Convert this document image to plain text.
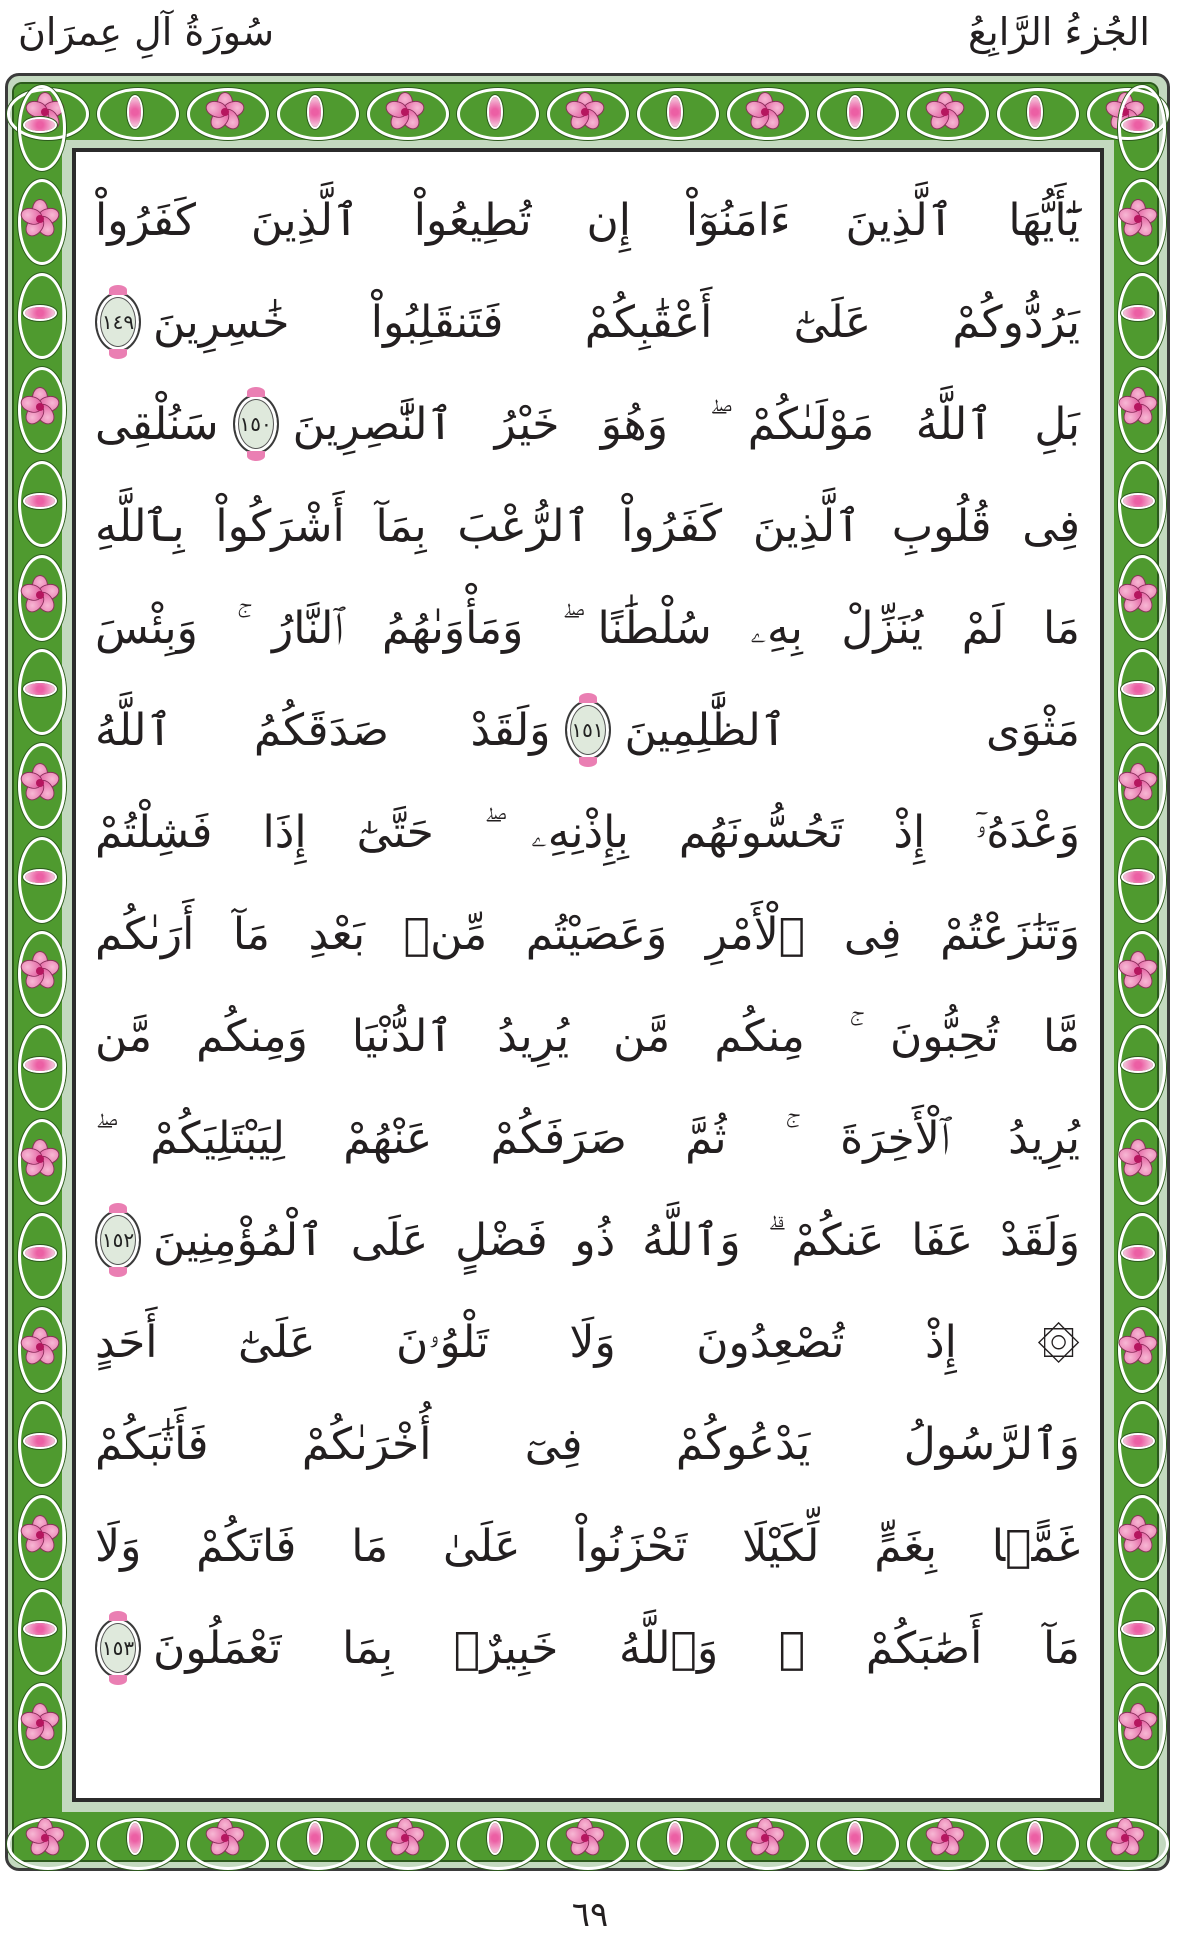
الجُزءُ الرَّابِعُ
سُورَةُ آلِ عِمرَانَ
يَٰٓأَيُّهَا ٱلَّذِينَ ءَامَنُوٓاْ إِن تُطِيعُواْ ٱلَّذِينَ كَفَرُواْ
يَرُدُّوكُمْ عَلَىٰٓ أَعْقَٰبِكُمْ فَتَنقَلِبُواْ خَٰسِرِينَ
١٤٩
بَلِ ٱللَّهُ مَوْلَىٰكُمْ ۖ وَهُوَ خَيْرُ ٱلنَّٰصِرِينَ
١٥٠
سَنُلْقِى
فِى قُلُوبِ ٱلَّذِينَ كَفَرُواْ ٱلرُّعْبَ بِمَآ أَشْرَكُواْ بِٱللَّهِ
مَا لَمْ يُنَزِّلْ بِهِۦ سُلْطَٰنًا ۖ وَمَأْوَىٰهُمُ ٱلنَّارُ ۚ وَبِئْسَ
مَثْوَى ٱلظَّٰلِمِينَ
١٥١
وَلَقَدْ صَدَقَكُمُ ٱللَّهُ
وَعْدَهُۥٓ إِذْ تَحُسُّونَهُم بِإِذْنِهِۦ ۖ حَتَّىٰٓ إِذَا فَشِلْتُمْ
وَتَنَٰزَعْتُمْ فِى ٱلْأَمْرِ وَعَصَيْتُم مِّنۢ بَعْدِ مَآ أَرَىٰكُم
مَّا تُحِبُّونَ ۚ مِنكُم مَّن يُرِيدُ ٱلدُّنْيَا وَمِنكُم مَّن
يُرِيدُ ٱلْأَخِرَةَ ۚ ثُمَّ صَرَفَكُمْ عَنْهُمْ لِيَبْتَلِيَكُمْ ۖ
وَلَقَدْ عَفَا عَنكُمْ ۗ وَٱللَّهُ ذُو فَضْلٍ عَلَى ٱلْمُؤْمِنِينَ
١٥٢
۞ إِذْ تُصْعِدُونَ وَلَا تَلْوُۥنَ عَلَىٰٓ أَحَدٍ
وَٱلرَّسُولُ يَدْعُوكُمْ فِىٓ أُخْرَىٰكُمْ فَأَثَٰبَكُمْ
غَمًّۢا بِغَمٍّ لِّكَيْلَا تَحْزَنُواْ عَلَىٰ مَا فَاتَكُمْ وَلَا
مَآ أَصَٰبَكُمْ ۗ وَٱللَّهُ خَبِيرٌۢ بِمَا تَعْمَلُونَ
١٥٣
٦٩
